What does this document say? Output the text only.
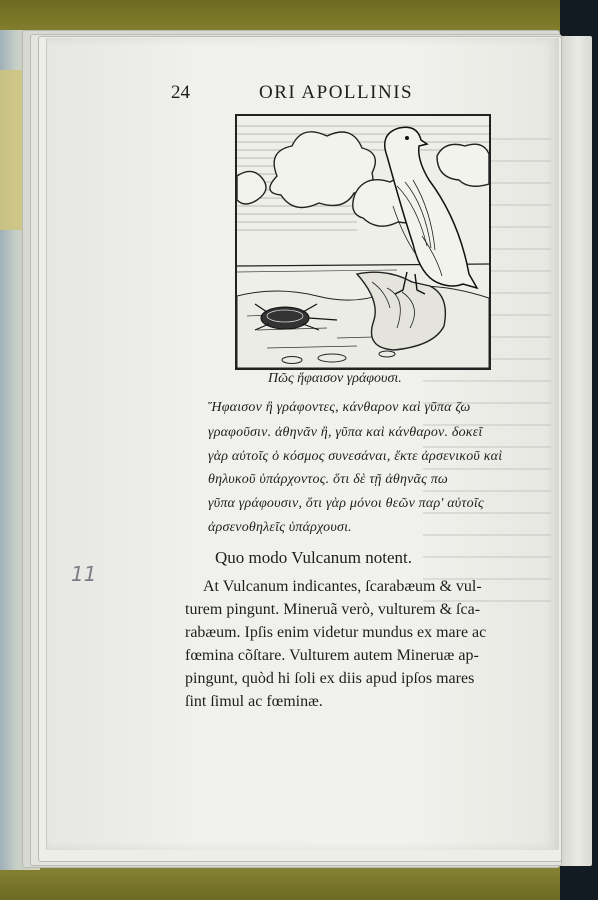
24	ORI APOLLINIS
Πῶς ἥφαισον γράφουσι.
Ἥφαισον ἢ γράφοντες, κάνθαρον καὶ γῦπα ζω
γραφοῦσιν. ἀθηνᾶν ἢ, γῦπα καὶ κάνθαρον. δοκεῖ
γὰρ αὐτοῖς ὁ κόσμος συνεσάναι, ἔκτε ἀρσενικοῦ καὶ
θηλυκοῦ ὑπάρχοντος. ὅτι δὲ τῇ ἀθηνᾶς πω
γῦπα γράφουσιν, ὅτι γὰρ μόνοι θεῶν παρ' αὐτοῖς
ἀρσενοθηλεῖς ὑπάρχουσι.
Quo modo Vulcanum notent.
At Vulcanum indicantes, ſcarabæum & vul-
turem pingunt. Mineruã verò, vulturem & ſca-
rabæum. Ipſis enim videtur mundus ex mare ac
fœmina cõſtare. Vulturem autem Mineruæ ap-
pingunt, quòd hi ſoli ex diis apud ipſos mares
ſint ſimul ac fœminæ.
11
